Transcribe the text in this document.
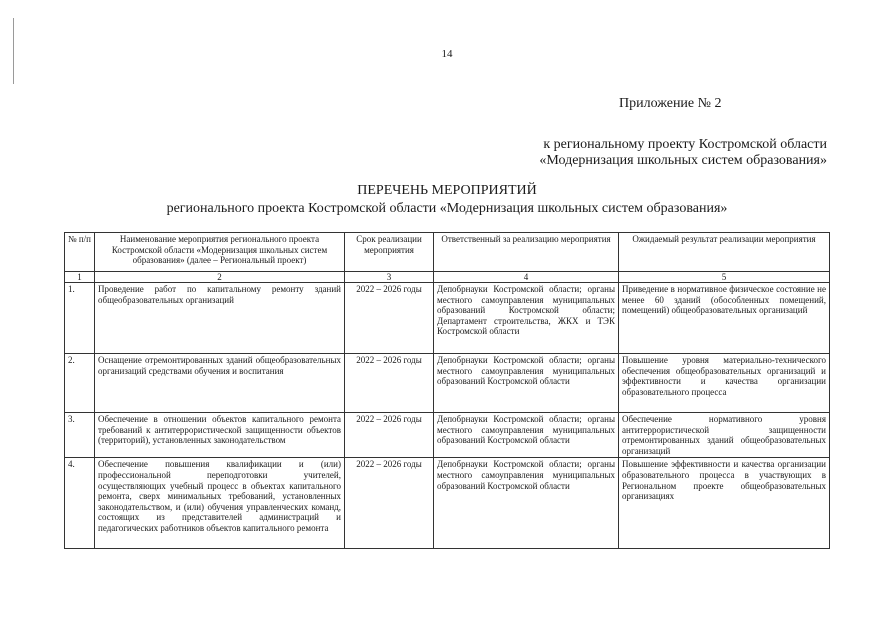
14
Приложение № 2
к региональному проекту Костромской области
«Модернизация школьных систем образования»
ПЕРЕЧЕНЬ МЕРОПРИЯТИЙ
регионального проекта Костромской области «Модернизация школьных систем образования»
№ п/п	Наименование мероприятия регионального проекта Костромской области «Модернизация школьных систем образования» (далее – Региональный проект)	Срок реализации мероприятия	Ответственный за реализацию мероприятия	Ожидаемый результат реализации мероприятия
1	2	3	4	5
1.	Проведение работ по капитальному ремонту зданий общеобразовательных организаций	2022 – 2026 годы	Депобрнауки Костромской области; органы местного самоуправления муниципальных образований Костромской области; Департамент строительства, ЖКХ и ТЭК Костромской области	Приведение в нормативное физическое состояние не менее 60 зданий (обособленных помещений, помещений) общеобразовательных организаций
2.	Оснащение отремонтированных зданий общеобразовательных организаций средствами обучения и воспитания	2022 – 2026 годы	Депобрнауки Костромской области; органы местного самоуправления муниципальных образований Костромской области	Повышение уровня материально-технического обеспечения общеобразовательных организаций и эффективности и качества организации образовательного процесса
3.	Обеспечение в отношении объектов капитального ремонта требований к антитеррористической защищенности объектов (территорий), установленных законодательством	2022 – 2026 годы	Депобрнауки Костромской области; органы местного самоуправления муниципальных образований Костромской области	Обеспечение нормативного уровня антитеррористической защищенности отремонтированных зданий общеобразовательных организаций
4.	Обеспечение повышения квалификации и (или) профессиональной переподготовки учителей, осуществляющих учебный процесс в объектах капитального ремонта, сверх минимальных требований, установленных законодательством, и (или) обучения управленческих команд, состоящих из представителей администраций и педагогических работников объектов капитального ремонта	2022 – 2026 годы	Депобрнауки Костромской области; органы местного самоуправления муниципальных образований Костромской области	Повышение эффективности и качества организации образовательного процесса в участвующих в Региональном проекте общеобразовательных организациях
